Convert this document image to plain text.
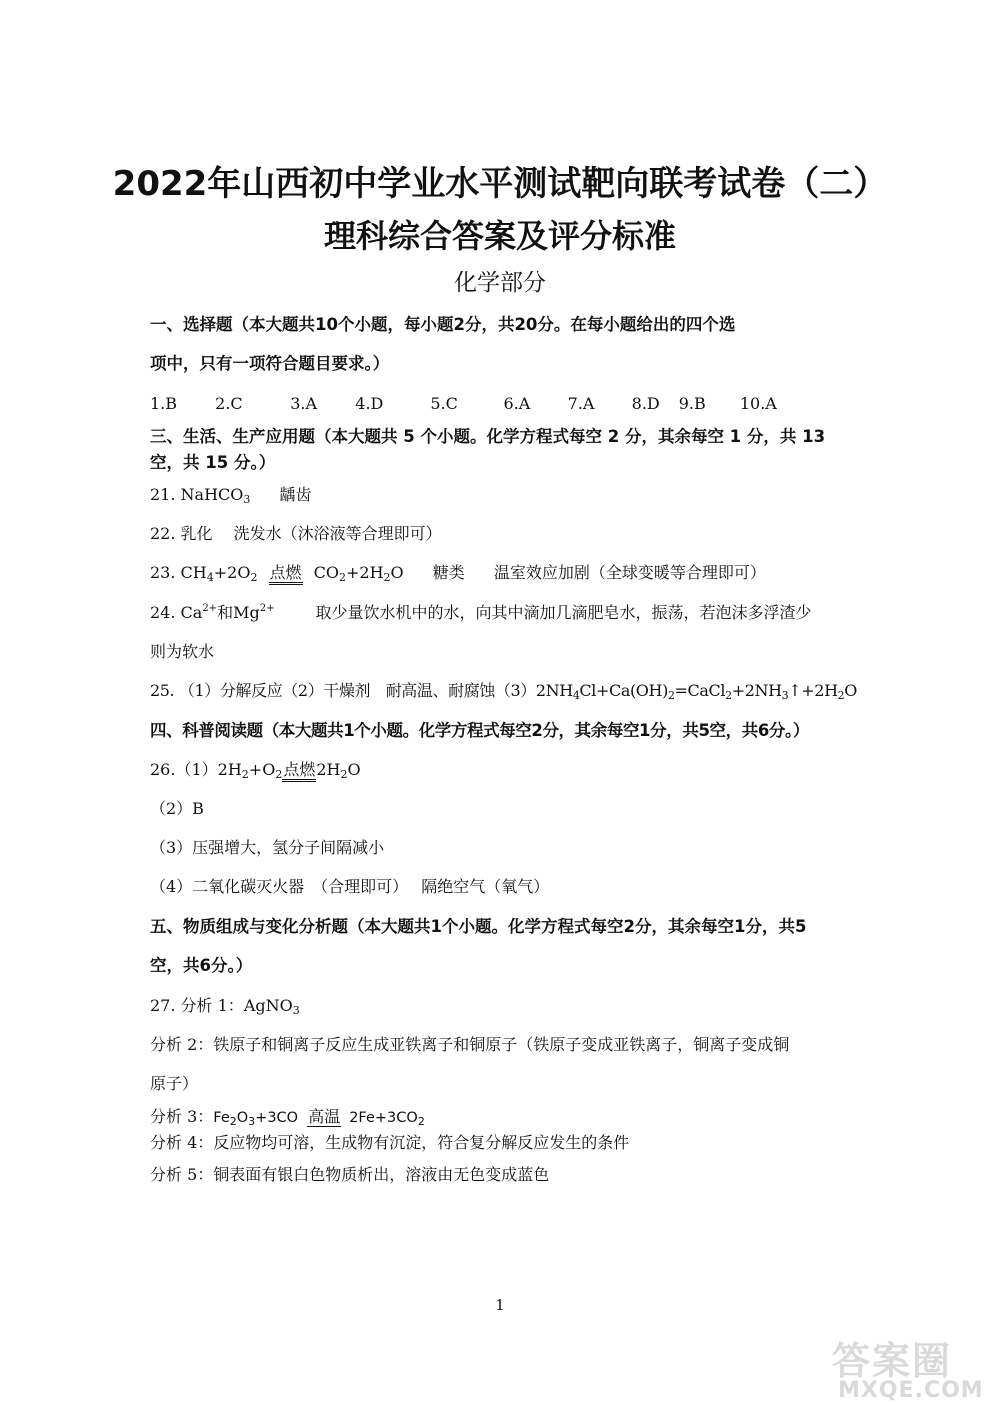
2022年山西初中学业水平测试靶向联考试卷（二）
理科综合答案及评分标准
化学部分
一、选择题（本大题共10个小题，每小题2分，共20分。在每小题给出的四个选
项中，只有一项符合题目要求。）
1.B 2.C	3.A 4.D	5.C	6.A 7.A 8.D 9.B 10.A
三、生活、生产应用题（本大题共 5 个小题。化学方程式每空 2 分，其余每空 1 分，共 13
空，共 15 分。）
21. NaHCO$_3$ 龋齿
22. 乳化　 洗发水（沐浴液等合理即可）
23. $CH_4+2O_2$ 点燃 $CO_2+2H_2O$ 糖类 温室效应加剧（全球变暖等合理即可）
24. $Ca^{2+}$和$Mg^{2+}$	取少量饮水机中的水，向其中滴加几滴肥皂水，振荡，若泡沫多浮渣少
则为软水
25. （1）分解反应（2）干燥剂　耐高温、耐腐蚀$(3)2NH_4Cl+Ca(OH)_2=CaCl_2+2NH_3↑+2H_2O$
四、科普阅读题（本大题共1个小题。化学方程式每空2分，其余每空1分，共5空，共6分。）
$26.(1)2H_2+O_2$点燃$2H_2O$
（2）B
（3）压强增大，氢分子间隔减小
（4）二氧化碳灭火器　（合理即可）　 隔绝空气（氧气）
五、物质组成与变化分析题（本大题共1个小题。化学方程式每空2分，其余每空1分，共5
空，共6分。）
27. 分析 1：AgNO$_3$
分析 2：铁原子和铜离子反应生成亚铁离子和铜原子（铁原子变成亚铁离子，铜离子变成铜
原子）
分析 3：$Fe_2O_3+3CO$ 高温 $2Fe+3CO_2$
分析 4：反应物均可溶，生成物有沉淀，符合复分解反应发生的条件
分析 5：铜表面有银白色物质析出，溶液由无色变成蓝色
1
答案圈
MXQE.COM
